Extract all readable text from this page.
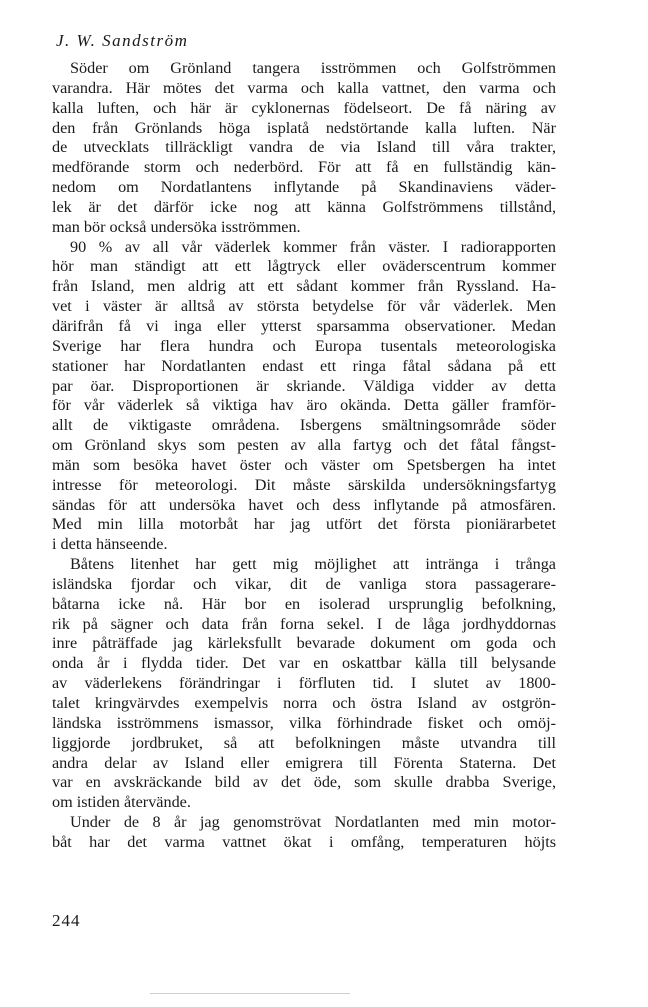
J. W. Sandström
Söder om Grönland tangera isströmmen och Golfströmmen
varandra. Här mötes det varma och kalla vattnet, den varma och
kalla luften, och här är cyklonernas födelseort. De få näring av
den från Grönlands höga isplatå nedstörtande kalla luften. När
de utvecklats tillräckligt vandra de via Island till våra trakter,
medförande storm och nederbörd. För att få en fullständig kän-
nedom om Nordatlantens inflytande på Skandinaviens väder-
lek är det därför icke nog att känna Golfströmmens tillstånd,
man bör också undersöka isströmmen.
90 % av all vår väderlek kommer från väster. I radiorapporten
hör man ständigt att ett lågtryck eller oväderscentrum kommer
från Island, men aldrig att ett sådant kommer från Ryssland. Ha-
vet i väster är alltså av största betydelse för vår väderlek. Men
därifrån få vi inga eller ytterst sparsamma observationer. Medan
Sverige har flera hundra och Europa tusentals meteorologiska
stationer har Nordatlanten endast ett ringa fåtal sådana på ett
par öar. Disproportionen är skriande. Väldiga vidder av detta
för vår väderlek så viktiga hav äro okända. Detta gäller framför-
allt de viktigaste områdena. Isbergens smältningsområde söder
om Grönland skys som pesten av alla fartyg och det fåtal fångst-
män som besöka havet öster och väster om Spetsbergen ha intet
intresse för meteorologi. Dit måste särskilda undersökningsfartyg
sändas för att undersöka havet och dess inflytande på atmosfären.
Med min lilla motorbåt har jag utfört det första pioniärarbetet
i detta hänseende.
Båtens litenhet har gett mig möjlighet att intränga i trånga
isländska fjordar och vikar, dit de vanliga stora passagerare-
båtarna icke nå. Här bor en isolerad ursprunglig befolkning,
rik på sägner och data från forna sekel. I de låga jordhyddornas
inre påträffade jag kärleksfullt bevarade dokument om goda och
onda år i flydda tider. Det var en oskattbar källa till belysande
av väderlekens förändringar i förfluten tid. I slutet av 1800-
talet kringvärvdes exempelvis norra och östra Island av ostgrön-
ländska isströmmens ismassor, vilka förhindrade fisket och omöj-
liggjorde jordbruket, så att befolkningen måste utvandra till
andra delar av Island eller emigrera till Förenta Staterna. Det
var en avskräckande bild av det öde, som skulle drabba Sverige,
om istiden återvände.
Under de 8 år jag genomströvat Nordatlanten med min motor-
båt har det varma vattnet ökat i omfång, temperaturen höjts
244
